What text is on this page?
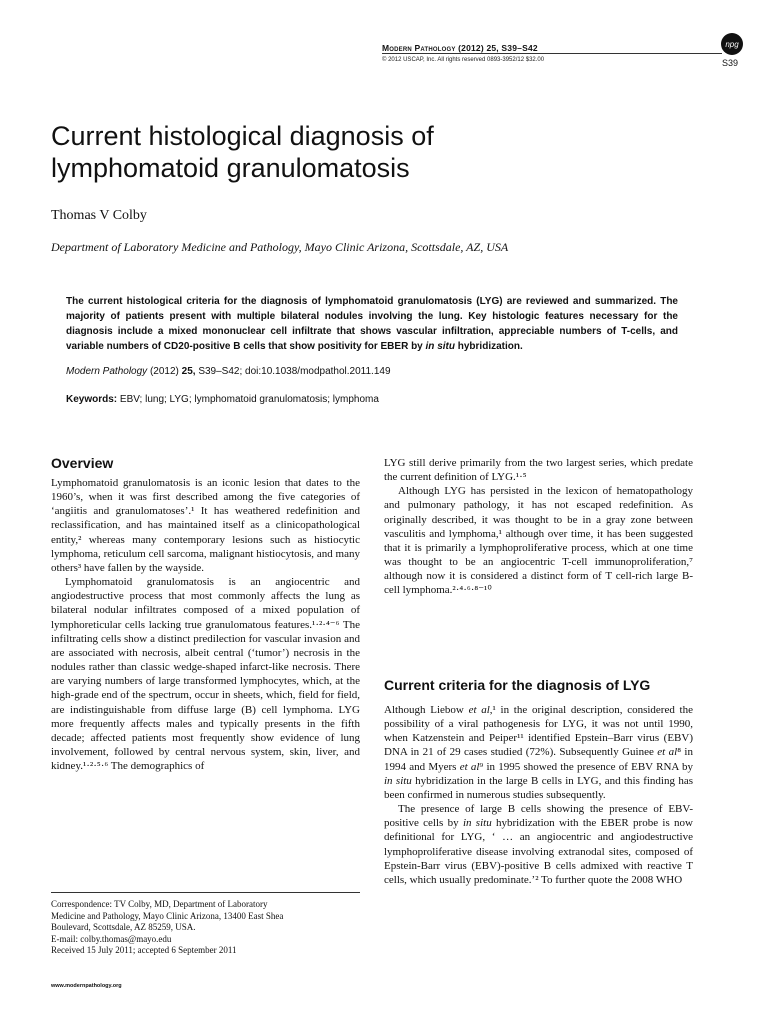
Modern Pathology (2012) 25, S39–S42
© 2012 USCAP, Inc. All rights reserved 0893-3952/12 $32.00
npg
S39
Current histological diagnosis of
lymphomatoid granulomatosis
Thomas V Colby
Department of Laboratory Medicine and Pathology, Mayo Clinic Arizona, Scottsdale, AZ, USA

The current histological criteria for the diagnosis of lymphomatoid granulomatosis (LYG) are reviewed and summarized. The majority of patients present with multiple bilateral nodules involving the lung. Key histologic features necessary for the diagnosis include a mixed mononuclear cell infiltrate that shows vascular infiltration, appreciable numbers of T-cells, and variable numbers of CD20-positive B cells that show positivity for EBER by in situ hybridization.

Modern Pathology (2012) 25, S39–S42; doi:10.1038/modpathol.2011.149
Keywords: EBV; lung; LYG; lymphomatoid granulomatosis; lymphoma
Overview

Lymphomatoid granulomatosis is an iconic lesion that dates to the 1960’s, when it was first described among the five categories of ‘angiitis and granulomatoses’.¹ It has weathered redefinition and reclassification, and has maintained itself as a clinicopathological entity,² whereas many contemporary lesions such as histiocytic lymphoma, reticulum cell sarcoma, malignant histiocytosis, and many others³ have fallen by the wayside.

Lymphomatoid granulomatosis is an angiocentric and angiodestructive process that most commonly affects the lung as bilateral nodular infiltrates composed of a mixed population of lymphoreticular cells lacking true granulomatous features.¹·²·⁴⁻⁶ The infiltrating cells show a distinct predilection for vascular invasion and are associated with necrosis, albeit central (‘tumor’) necrosis in the nodules rather than classic wedge-shaped infarct-like necrosis. There are varying numbers of large transformed lymphocytes, which, at the high-grade end of the spectrum, occur in sheets, which, field for field, are indistinguishable from diffuse large (B) cell lymphoma. LYG more frequently affects males and typically presents in the fifth decade; affected patients most frequently show evidence of lung involvement, followed by central nervous system, skin, liver, and kidney.¹·²·⁵·⁶ The demographics of

LYG still derive primarily from the two largest series, which predate the current definition of LYG.¹·⁵

Although LYG has persisted in the lexicon of hematopathology and pulmonary pathology, it has not escaped redefinition. As originally described, it was thought to be in a gray zone between vasculitis and lymphoma,¹ although over time, it has been suggested that it is primarily a lymphoproliferative process, which at one time was thought to be an angiocentric T-cell immunoproliferation,⁷ although now it is considered a distinct form of T cell-rich large B-cell lymphoma.²·⁴·⁶·⁸⁻¹⁰

Current criteria for the diagnosis of LYG

Although Liebow et al,¹ in the original description, considered the possibility of a viral pathogenesis for LYG, it was not until 1990, when Katzenstein and Peiper¹¹ identified Epstein–Barr virus (EBV) DNA in 21 of 29 cases studied (72%). Subsequently Guinee et al⁸ in 1994 and Myers et al⁹ in 1995 showed the presence of EBV RNA by in situ hybridization in the large B cells in LYG, and this finding has been confirmed in numerous studies subsequently.

The presence of large B cells showing the presence of EBV-positive cells by in situ hybridization with the EBER probe is now definitional for LYG, ‘ … an angiocentric and angiodestructive lymphoproliferative disease involving extranodal sites, composed of Epstein-Barr virus (EBV)-positive B cells admixed with reactive T cells, which usually predominate.’² To further quote the 2008 WHO

Correspondence: TV Colby, MD, Department of Laboratory
Medicine and Pathology, Mayo Clinic Arizona, 13400 East Shea
Boulevard, Scottsdale, AZ 85259, USA.
E-mail: colby.thomas@mayo.edu
Received 15 July 2011; accepted 6 September 2011
www.modernpathology.org
